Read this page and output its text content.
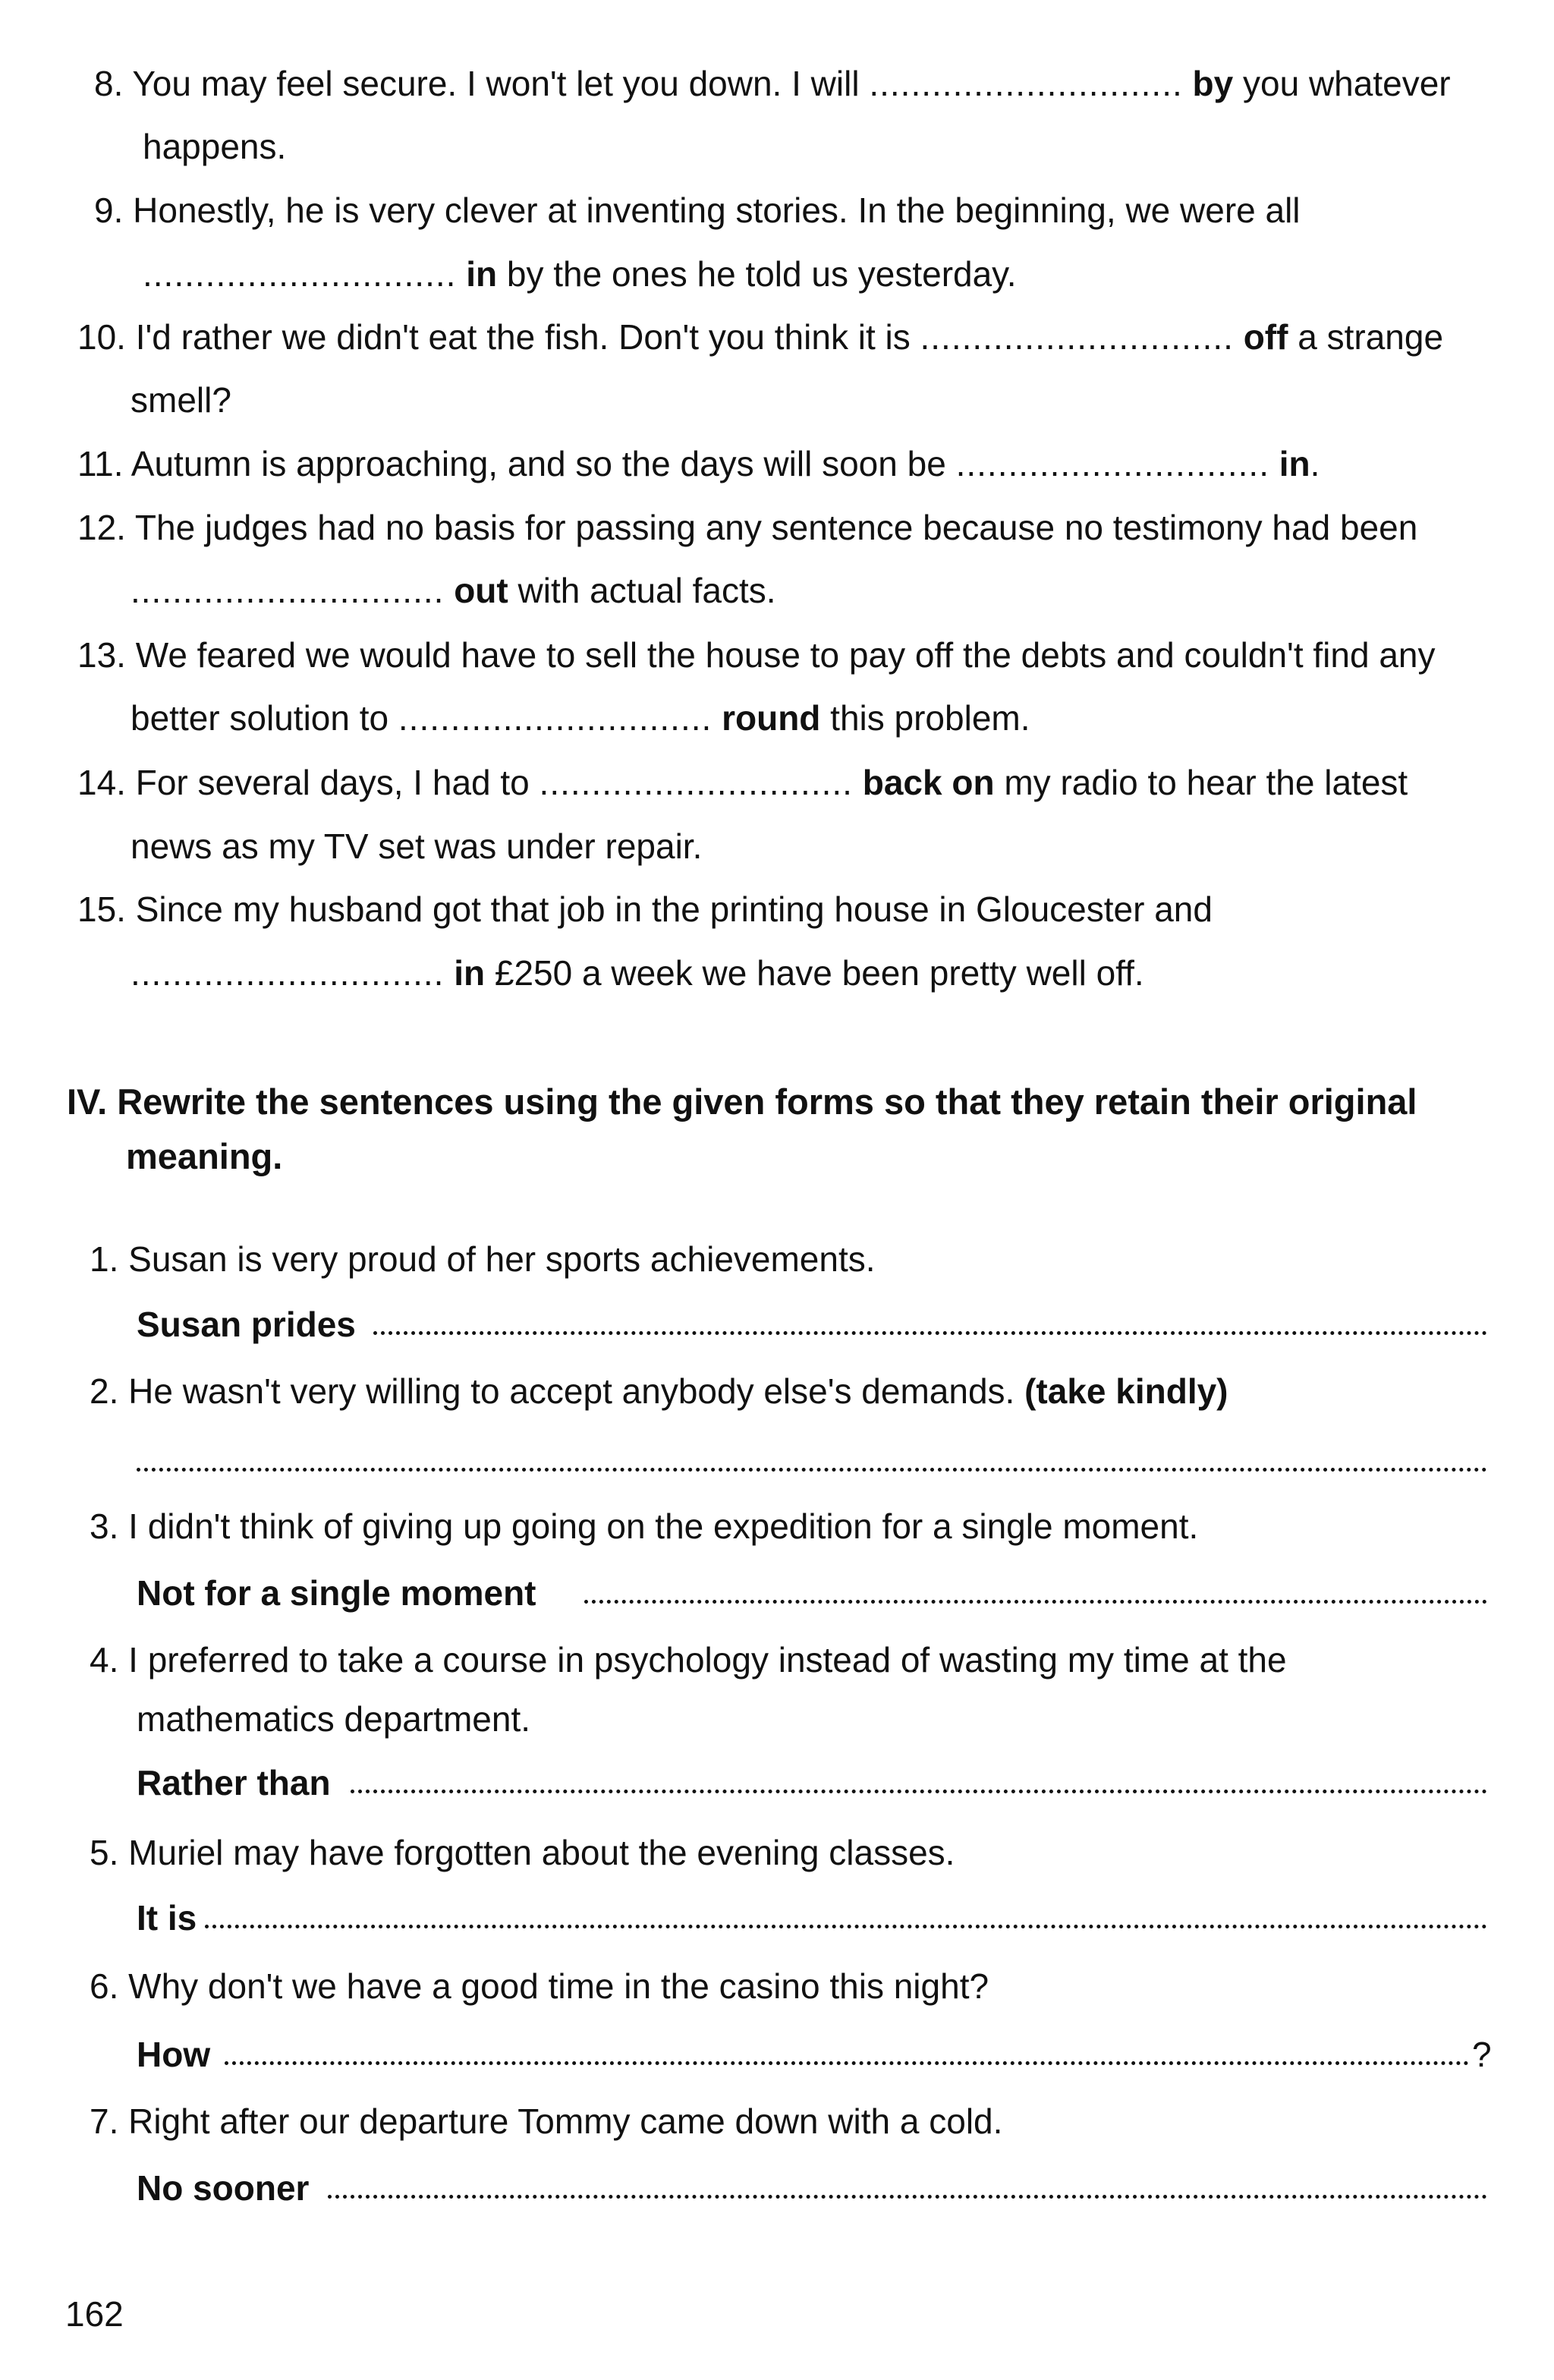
8. You may feel secure. I won't let you down. I will .............................. by you whatever
happens.
9. Honestly, he is very clever at inventing stories. In the beginning, we were all
.............................. in by the ones he told us yesterday.
10. I'd rather we didn't eat the fish. Don't you think it is .............................. off a strange
smell?
11. Autumn is approaching, and so the days will soon be .............................. in.
12. The judges had no basis for passing any sentence because no testimony had been
.............................. out with actual facts.
13. We feared we would have to sell the house to pay off the debts and couldn't find any
better solution to .............................. round this problem.
14. For several days, I had to .............................. back on my radio to hear the latest
news as my TV set was under repair.
15. Since my husband got that job in the printing house in Gloucester and
.............................. in £250 a week we have been pretty well off.
IV. Rewrite the sentences using the given forms so that they retain their original
meaning.
1. Susan is very proud of her sports achievements.
Susan prides
2. He wasn't very willing to accept anybody else's demands. (take kindly)
3. I didn't think of giving up going on the expedition for a single moment.
Not for a single moment
4. I preferred to take a course in psychology instead of wasting my time at the
mathematics department.
Rather than
5. Muriel may have forgotten about the evening classes.
It is
6. Why don't we have a good time in the casino this night?
How	?
7. Right after our departure Tommy came down with a cold.
No sooner
162
